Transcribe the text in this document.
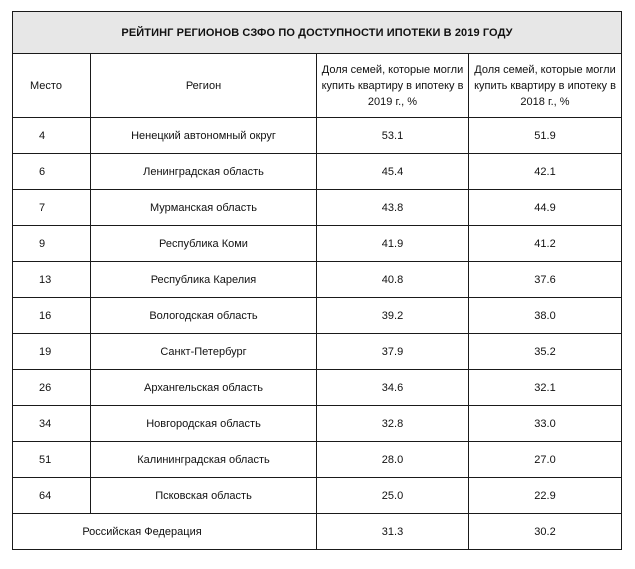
РЕЙТИНГ РЕГИОНОВ СЗФО ПО ДОСТУПНОСТИ ИПОТЕКИ В 2019 ГОДУ			
Место	Регион	Доля семей, которые могли купить квартиру в ипотеку в 2019 г., %	Доля семей, которые могли купить квартиру в ипотеку в 2018 г., %
4	Ненецкий автономный округ	53.1	51.9
6	Ленинградская область	45.4	42.1
7	Мурманская область	43.8	44.9
9	Республика Коми	41.9	41.2
13	Республика Карелия	40.8	37.6
16	Вологодская область	39.2	38.0
19	Санкт-Петербург	37.9	35.2
26	Архангельская область	34.6	32.1
34	Новгородская область	32.8	33.0
51	Калининградская область	28.0	27.0
64	Псковская область	25.0	22.9
Российская Федерация		31.3	30.2
